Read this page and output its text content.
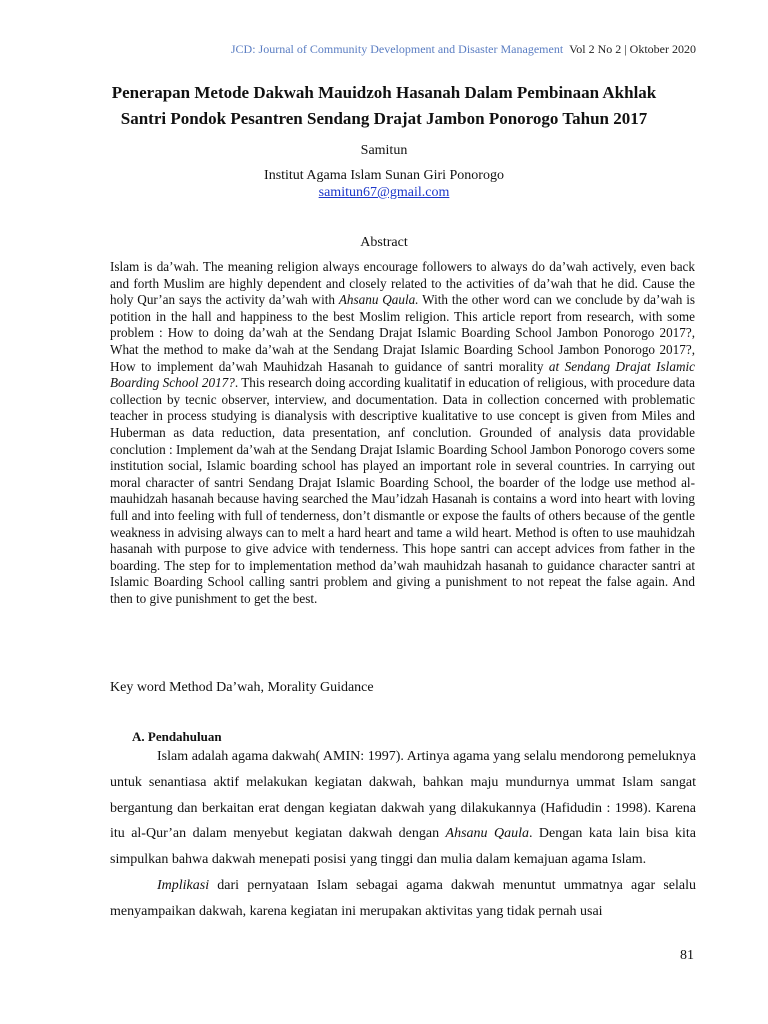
JCD: Journal of Community Development and Disaster Management Vol 2 No 2 | Oktober 2020
Penerapan Metode Dakwah Mauidzoh Hasanah Dalam Pembinaan Akhlak
Santri Pondok Pesantren Sendang Drajat Jambon Ponorogo Tahun 2017
Samitun
Institut Agama Islam Sunan Giri Ponorogo
samitun67@gmail.com
Abstract

Islam is da’wah. The meaning religion always encourage followers to always do da’wah actively, even back and forth Muslim are highly dependent and closely related to the activities of da’wah that he did. Cause the holy Qur’an says the activity da’wah with Ahsanu Qaula. With the other word can we conclude by da’wah is potition in the hall and happiness to the best Moslim religion. This article report from research, with some problem : How to doing da’wah at the Sendang Drajat Islamic Boarding School Jambon Ponorogo 2017?, What the method to make da’wah at the Sendang Drajat Islamic Boarding School Jambon Ponorogo 2017?, How to implement da’wah Mauhidzah Hasanah to guidance of santri morality at Sendang Drajat Islamic Boarding School 2017?. This research doing according kualitatif in education of religious, with procedure data collection by tecnic observer, interview, and documentation. Data in collection concerned with problematic teacher in process studying is dianalysis with descriptive kualitative to use concept is given from Miles and Huberman as data reduction, data presentation, anf conclution. Grounded of analysis data providable conclution : Implement da’wah at the Sendang Drajat Islamic Boarding School Jambon Ponorogo covers some institution social, Islamic boarding school has played an important role in several countries. In carrying out moral character of santri Sendang Drajat Islamic Boarding School, the boarder of the lodge use method al-mauhidzah hasanah because having searched the Mau’idzah Hasanah is contains a word into heart with loving full and into feeling with full of tenderness, don’t dismantle or expose the faults of others because of the gentle weakness in advising always can to melt a hard heart and tame a wild heart. Method is often to use mauhidzah hasanah with purpose to give advice with tenderness. This hope santri can accept advices from father in the boarding. The step for to implementation method da’wah mauhidzah hasanah to guidance character santri at Islamic Boarding School calling santri problem and giving a punishment to not repeat the false again. And then to give punishment to get the best.

Key word Method Da’wah, Morality Guidance
A. Pendahuluan

Islam adalah agama dakwah( AMIN: 1997). Artinya agama yang selalu mendorong pemeluknya untuk senantiasa aktif melakukan kegiatan dakwah, bahkan maju mundurnya ummat Islam sangat bergantung dan berkaitan erat dengan kegiatan dakwah yang dilakukannya (Hafidudin : 1998). Karena itu al-Qur’an dalam menyebut kegiatan dakwah dengan Ahsanu Qaula. Dengan kata lain bisa kita simpulkan bahwa dakwah menepati posisi yang tinggi dan mulia dalam kemajuan agama Islam.

Implikasi dari pernyataan Islam sebagai agama dakwah menuntut ummatnya agar selalu menyampaikan dakwah, karena kegiatan ini merupakan aktivitas yang tidak pernah usai

81
